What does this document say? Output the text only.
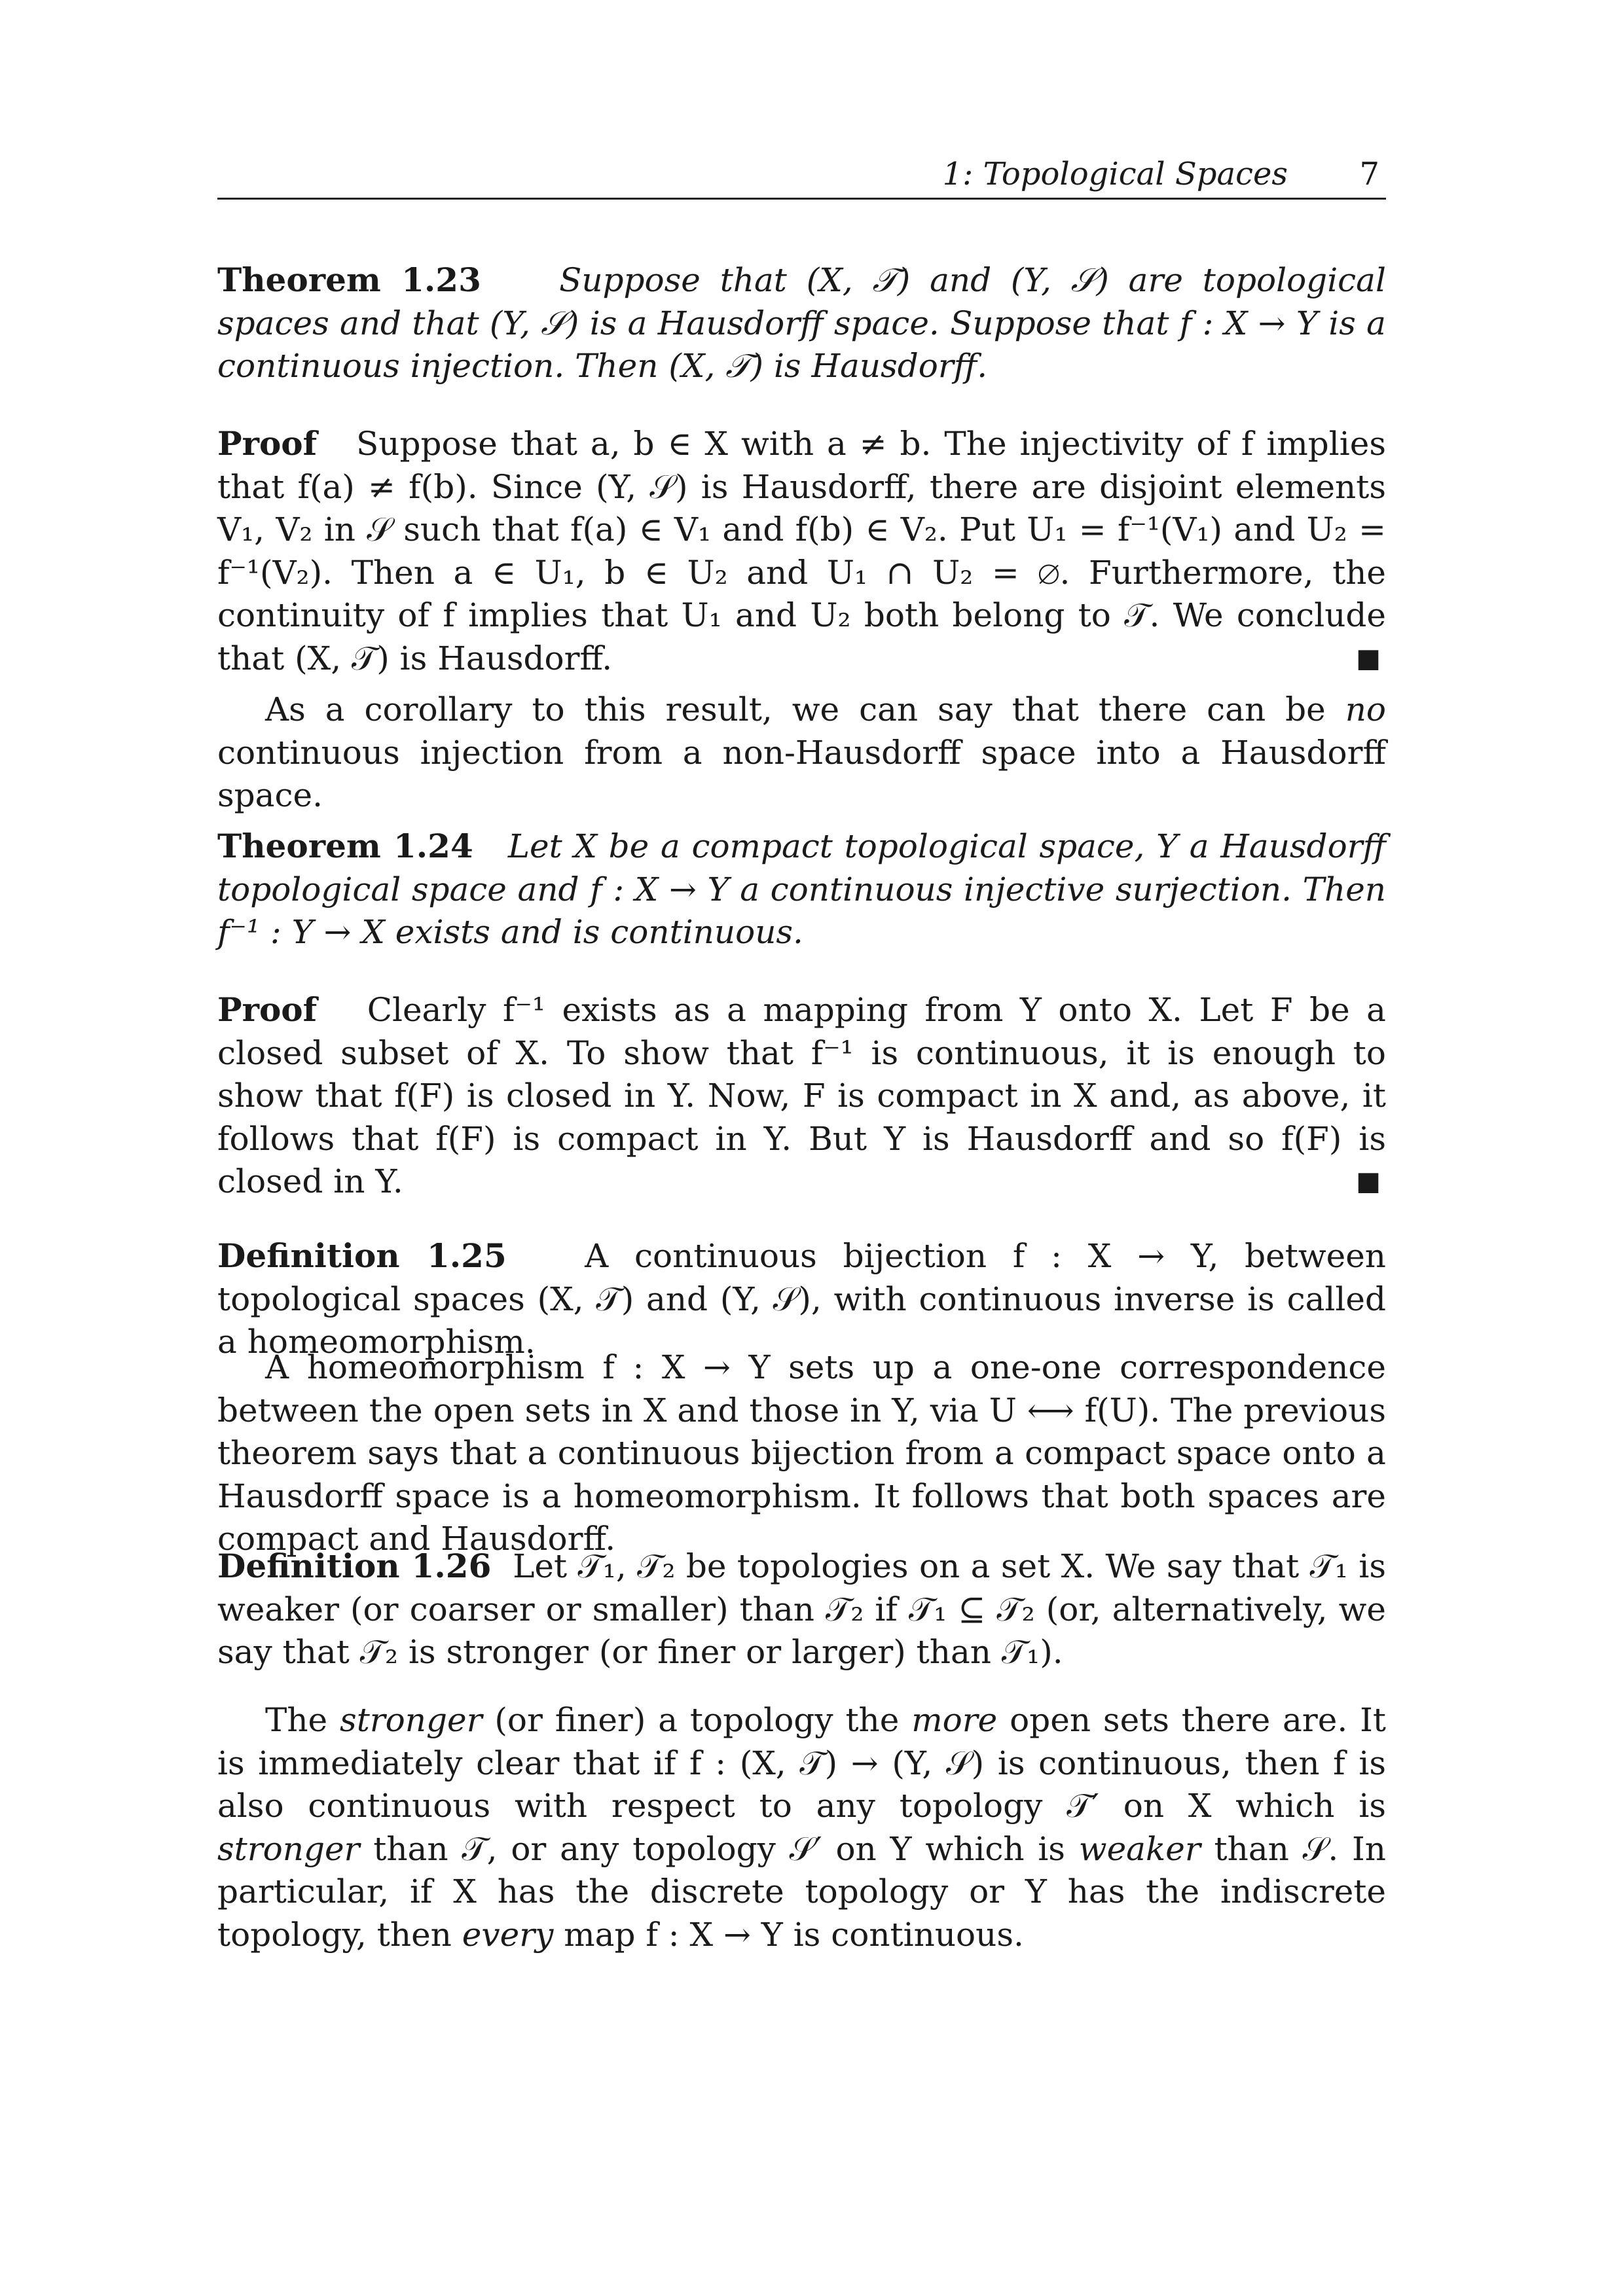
1: Topological Spaces 7
Theorem 1.23 Suppose that (X, 𝒯) and (Y, 𝒮) are topological spaces and that (Y, 𝒮) is a Hausdorff space. Suppose that f : X → Y is a continuous injection. Then (X, 𝒯) is Hausdorff.
Proof Suppose that a, b ∈ X with a ≠ b. The injectivity of f implies that f(a) ≠ f(b). Since (Y, 𝒮) is Hausdorff, there are disjoint elements V₁, V₂ in 𝒮 such that f(a) ∈ V₁ and f(b) ∈ V₂. Put U₁ = f⁻¹(V₁) and U₂ = f⁻¹(V₂). Then a ∈ U₁, b ∈ U₂ and U₁ ∩ U₂ = ∅. Furthermore, the continuity of f implies that U₁ and U₂ both belong to 𝒯. We conclude that (X, 𝒯) is Hausdorff.	■
As a corollary to this result, we can say that there can be no continuous injection from a non-Hausdorff space into a Hausdorff space.
Theorem 1.24 Let X be a compact topological space, Y a Hausdorff topological space and f : X → Y a continuous injective surjection. Then f⁻¹ : Y → X exists and is continuous.
Proof Clearly f⁻¹ exists as a mapping from Y onto X. Let F be a closed subset of X. To show that f⁻¹ is continuous, it is enough to show that f(F) is closed in Y. Now, F is compact in X and, as above, it follows that f(F) is compact in Y. But Y is Hausdorff and so f(F) is closed in Y.	■
Definition 1.25 A continuous bijection f : X → Y, between topological spaces (X, 𝒯) and (Y, 𝒮), with continuous inverse is called a homeomorphism.
A homeomorphism f : X → Y sets up a one-one correspondence between the open sets in X and those in Y, via U ⟷ f(U). The previous theorem says that a continuous bijection from a compact space onto a Hausdorff space is a homeomorphism. It follows that both spaces are compact and Hausdorff.
Definition 1.26 Let 𝒯₁, 𝒯₂ be topologies on a set X. We say that 𝒯₁ is weaker (or coarser or smaller) than 𝒯₂ if 𝒯₁ ⊆ 𝒯₂ (or, alternatively, we say that 𝒯₂ is stronger (or finer or larger) than 𝒯₁).
The stronger (or finer) a topology the more open sets there are. It is immediately clear that if f : (X, 𝒯) → (Y, 𝒮) is continuous, then f is also continuous with respect to any topology 𝒯′ on X which is stronger than 𝒯, or any topology 𝒮′ on Y which is weaker than 𝒮. In particular, if X has the discrete topology or Y has the indiscrete topology, then every map f : X → Y is continuous.
